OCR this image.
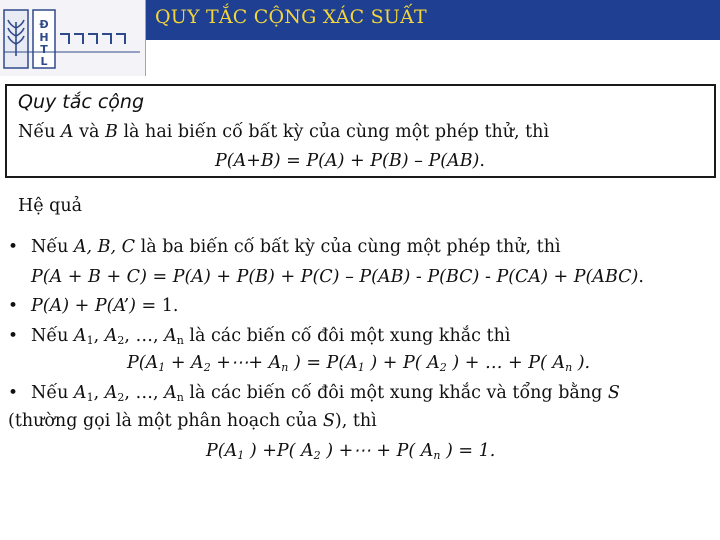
Đ
H
T
L
QUY TẮC CỘNG XÁC SUẤT
Quy tắc cộng
Nếu A và B là hai biến cố bất kỳ của cùng một phép thử, thì
P(A+B) = P(A) + P(B) – P(AB).
Hệ quả
• Nếu A, B, C là ba biến cố bất kỳ của cùng một phép thử, thì
P(A + B + C) = P(A) + P(B) + P(C) – P(AB) - P(BC) - P(CA) + P(ABC).
• P(A) + P(A’) = 1.
• Nếu $A_1$, $A_2$, …, $A_n$ là các biến cố đôi một xung khắc thì
$P(A_1 + A_2$ +⋯+ $A_n$ ) = $P(A_1$ ) + P( $A_2$ ) + … + P( $A_n$ ).
• Nếu $A_1$, $A_2$, …, $A_n$ là các biến cố đôi một xung khắc và tổng bằng S
(thường gọi là một phân hoạch của S), thì
$P(A_1$ ) +P( $A_2$ ) +⋯ + P( $A_n$ ) = 1.
